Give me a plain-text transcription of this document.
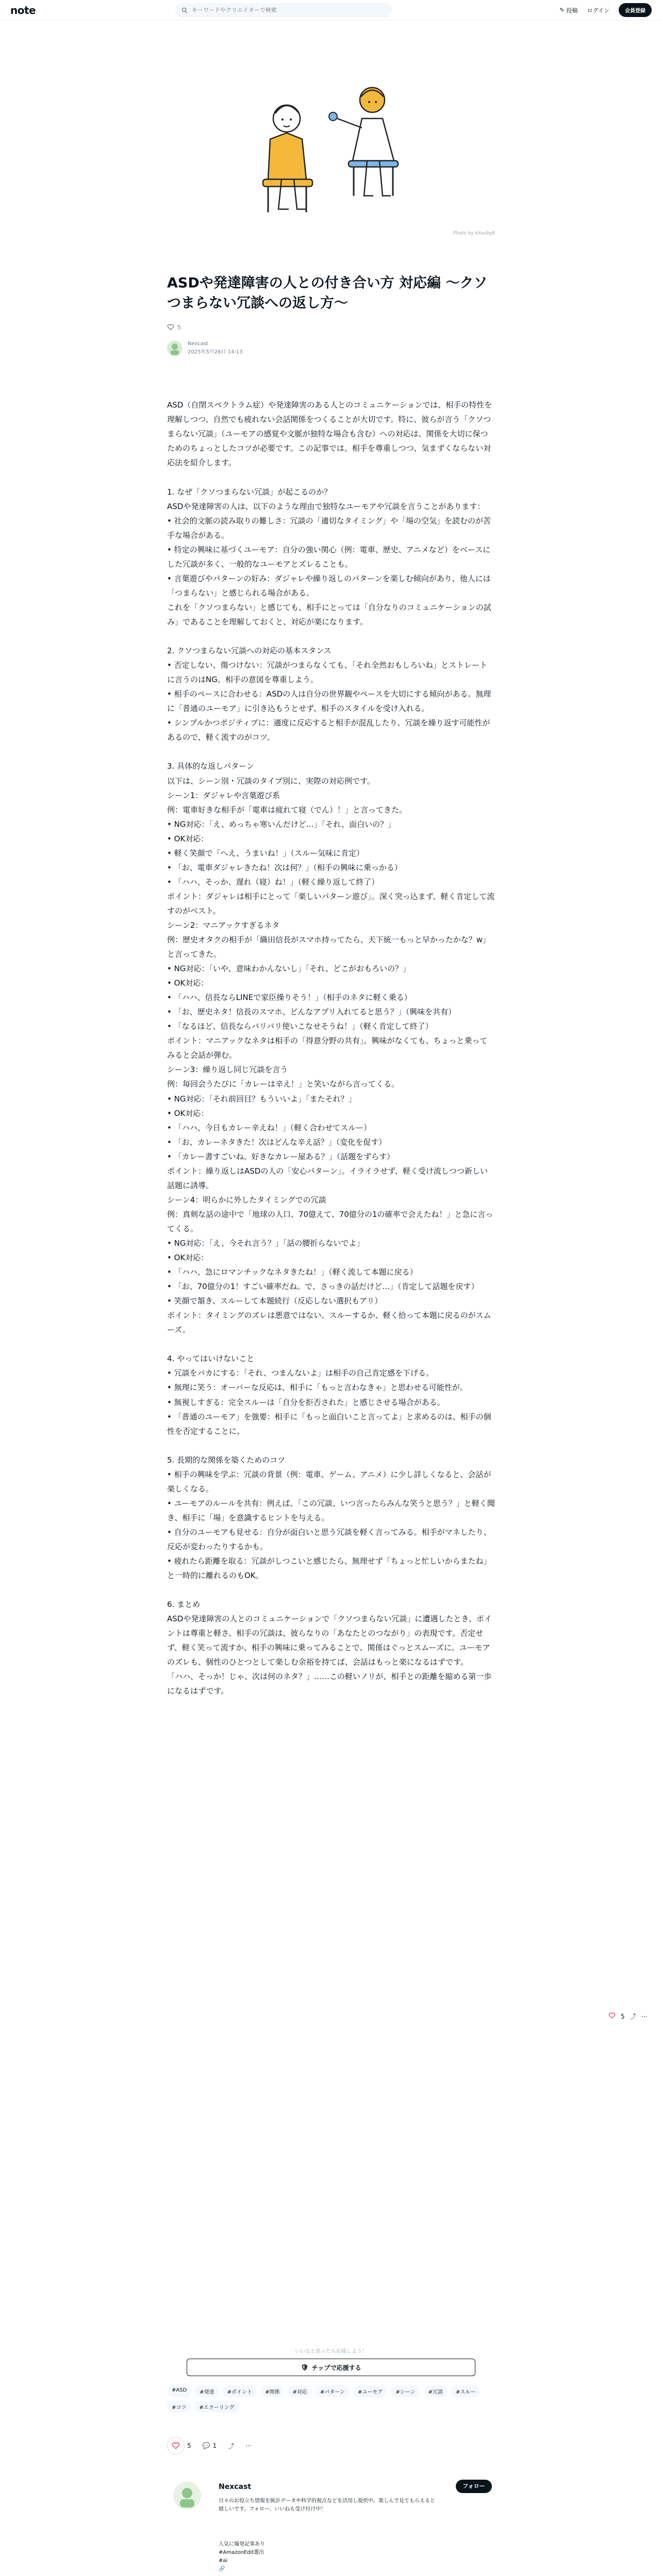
note
キーワードやクリエイターで検索	✎ 投稿 ログイン	会員登録
Photo by kitsuby8
ASDや発達障害の人との付き合い方 対応編 〜クソつまらない冗談への返し方〜
5
Nexcast
2025年5月26日 14:13
ASD（自閉スペクトラム症）や発達障害のある人とのコミュニケーションでは、相手の特性を理解しつつ、自然でも疲れない会話関係をつくることが大切です。特に、彼らが言う「クソつまらない冗談」（ユーモアの感覚や文脈が独特な場合も含む）への対応は、関係を大切に保つためのちょっとしたコツが必要です。この記事では、相手を尊重しつつ、気まずくならない対応法を紹介します。

1. なぜ「クソつまらない冗談」が起こるのか？
ASDや発達障害の人は、以下のような理由で独特なユーモアや冗談を言うことがあります：
• 社会的文脈の読み取りの難しさ：冗談の「適切なタイミング」や「場の空気」を読むのが苦手な場合がある。
• 特定の興味に基づくユーモア：自分の強い関心（例：電車、歴史、アニメなど）をベースにした冗談が多く、一般的なユーモアとズレることも。
• 言葉遊びやパターンの好み：ダジャレや繰り返しのパターンを楽しむ傾向があり、他人には「つまらない」と感じられる場合がある。
これを「クソつまらない」と感じても、相手にとっては「自分なりのコミュニケーションの試み」であることを理解しておくと、対応が楽になります。

2. クソつまらない冗談への対応の基本スタンス
• 否定しない、傷つけない：冗談がつまらなくても、「それ全然おもしろいね」とストレートに言うのはNG。相手の意図を尊重しよう。
• 相手のペースに合わせる：ASDの人は自分の世界観やペースを大切にする傾向がある。無理に「普通のユーモア」に引き込もうとせず、相手のスタイルを受け入れる。
• シンプルかつポジティブに：適度に反応すると相手が混乱したり、冗談を繰り返す可能性があるので、軽く流すのがコツ。

3. 具体的な返しパターン
以下は、シーン別・冗談のタイプ別に、実際の対応例です。
シーン1：ダジャレや言葉遊び系
例：電車好きな相手が「電車は疲れて寝（でん）！」と言ってきた。
• NG対応：「え、めっちゃ寒いんだけど…」「それ、面白いの？」
• OK対応：
• 軽く笑顔で「へえ、うまいね！」（スルー気味に肯定）
• 「お、電車ダジャレきたね！次は何？」（相手の興味に乗っかる）
• 「ハハ、そっか、遅れ（寝）ね！」（軽く繰り返して終了）
ポイント：ダジャレは相手にとって「楽しいパターン遊び」。深く突っ込まず、軽く肯定して流すのがベスト。
シーン2：マニアックすぎるネタ
例：歴史オタクの相手が「織田信長がスマホ持ってたら、天下統一もっと早かったかな？w」と言ってきた。
• NG対応：「いや、意味わかんないし」「それ、どこがおもろいの？」
• OK対応：
• 「ハハ、信長ならLINEで家臣操りそう！」（相手のネタに軽く乗る）
• 「お、歴史ネタ！信長のスマホ、どんなアプリ入れてると思う？」（興味を共有）
• 「なるほど、信長ならバリバリ使いこなせそうね！」（軽く肯定して終了）
ポイント：マニアックなネタは相手の「得意分野の共有」。興味がなくても、ちょっと乗ってみると会話が弾む。
シーン3：繰り返し同じ冗談を言う
例：毎回会うたびに「カレーは辛え！」と笑いながら言ってくる。
• NG対応：「それ前回目？もういいよ」「またそれ？」
• OK対応：
• 「ハハ、今日もカレー辛えね！」（軽く合わせてスルー）
• 「お、カレーネタきた！次はどんな辛え話？」（変化を促す）
• 「カレー書すごいね。好きなカレー屋ある？」（話題をずらす）
ポイント：繰り返しはASDの人の「安心パターン」。イライラせず、軽く受け流しつつ新しい話題に誘導。
シーン4：明らかに外したタイミングでの冗談
例：真剣な話の途中で「地球の人口、70億えて、70億分の1の確率で会えたね！」と急に言ってくる。
• NG対応：「え、今それ言う？」「話の腰折らないでよ」
• OK対応：
• 「ハハ、急にロマンチックなネタきたね！」（軽く流して本題に戻る）
• 「お、70億分の1！すごい確率だね。で、さっきの話だけど…」（肯定して話題を戻す）
• 笑顔で頷き、スルーして本題続行（反応しない選択もアリ）
ポイント：タイミングのズレは悪意ではない。スルーするか、軽く拾って本題に戻るのがスムーズ。

4. やってはいけないこと
• 冗談をバカにする：「それ、つまんないよ」は相手の自己肯定感を下げる。
• 無理に笑う：オーバーな反応は、相手に「もっと言わなきゃ」と思わせる可能性が。
• 無視しすぎる：完全スルーは「自分を拒否された」と感じさせる場合がある。
• 「普通のユーモア」を強要：相手に「もっと面白いこと言ってよ」と求めるのは、相手の個性を否定することに。

5. 長期的な関係を築くためのコツ
• 相手の興味を学ぶ：冗談の背景（例：電車、ゲーム、アニメ）に少し詳しくなると、会話が楽しくなる。
• ユーモアのルールを共有：例えば、「この冗談、いつ言ったらみんな笑うと思う？」と軽く聞き、相手に「場」を意識するヒントを与える。
• 自分のユーモアも見せる：自分が面白いと思う冗談を軽く言ってみる。相手がマネしたり、反応が変わったりするかも。
• 疲れたら距離を取る：冗談がしつこいと感じたら、無理せず「ちょっと忙しいからまたね」と一時的に離れるのもOK。

6. まとめ
ASDや発達障害の人とのコミュニケーションで「クソつまらない冗談」に遭遇したとき、ポイントは尊重と軽さ。相手の冗談は、彼らなりの「あなたとのつながり」の表現です。否定せず、軽く笑って流すか、相手の興味に乗ってみることで、関係はぐっとスムーズに。ユーモアのズレも、個性のひとつとして楽しむ余裕を持てば、会話はもっと楽になるはずです。
「ハハ、そっか！じゃ、次は何のネタ？」……この軽いノリが、相手との距離を縮める第一歩になるはずです。
5 ⤴ ⋯
いいなと思ったら応援しよう！
🛡 チップで応援する
#ASD	#発達	#ポイント	#関係	#対応	#パターン	#ユーモア	#シーン	#冗談	#スルー
#コツ	#エラーリング
5 💬 1 ⤴ ⋯
Nexcast
日々のお役立ち情報を統計データや科学的視点などを活用し提供中。楽しんで見てもらえると嬉しいです。フォロー、いいねも受け付け中！
フォロー

人気に爆発記事あり
#AmazonEdit選出
#ai
🔗
